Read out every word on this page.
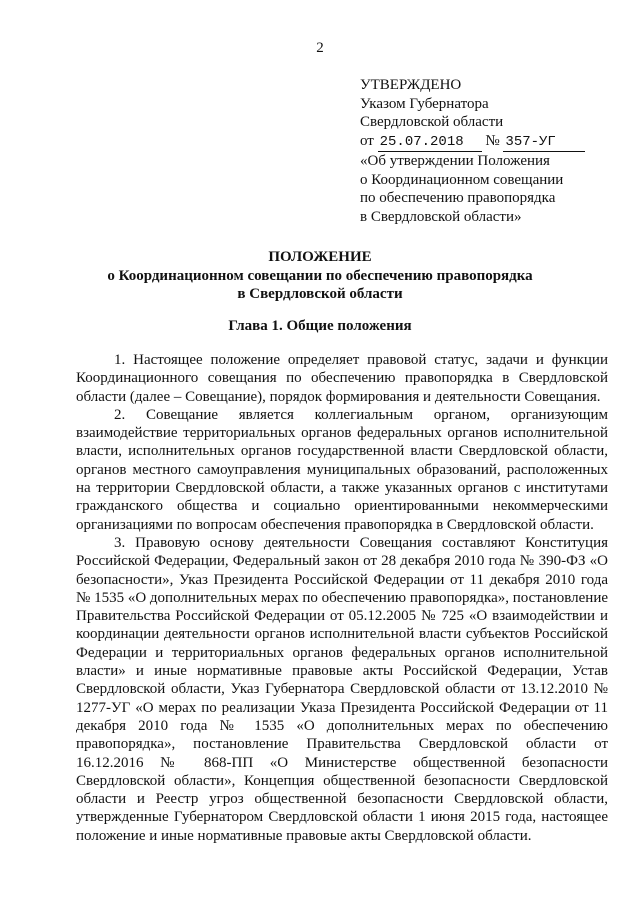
2
УТВЕРЖДЕНО
Указом Губернатора
Свердловской области
от 25.07.2018 № 357-УГ
«Об утверждении Положения
о Координационном совещании
по обеспечению правопорядка
в Свердловской области»
ПОЛОЖЕНИЕ
о Координационном совещании по обеспечению правопорядка
в Свердловской области
Глава 1. Общие положения

1. Настоящее положение определяет правовой статус, задачи и функции Координационного совещания по обеспечению правопорядка в Свердловской области (далее – Совещание), порядок формирования и деятельности Совещания.

2. Совещание является коллегиальным органом, организующим взаимодействие территориальных органов федеральных органов исполнительной власти, исполнительных органов государственной власти Свердловской области, органов местного самоуправления муниципальных образований, расположенных на территории Свердловской области, а также указанных органов с институтами гражданского общества и социально ориентированными некоммерческими организациями по вопросам обеспечения правопорядка в Свердловской области.

3. Правовую основу деятельности Совещания составляют Конституция Российской Федерации, Федеральный закон от 28 декабря 2010 года № 390-ФЗ «О безопасности», Указ Президента Российской Федерации от 11 декабря 2010 года № 1535 «О дополнительных мерах по обеспечению правопорядка», постановление Правительства Российской Федерации от 05.12.2005 № 725 «О взаимодействии и координации деятельности органов исполнительной власти субъектов Российской Федерации и территориальных органов федеральных органов исполнительной власти» и иные нормативные правовые акты Российской Федерации, Устав Свердловской области, Указ Губернатора Свердловской области от 13.12.2010 № 1277-УГ «О мерах по реализации Указа Президента Российской Федерации от 11 декабря 2010 года № 1535 «О дополнительных мерах по обеспечению правопорядка», постановление Правительства Свердловской области от 16.12.2016 № 868-ПП «О Министерстве общественной безопасности Свердловской области», Концепция общественной безопасности Свердловской области и Реестр угроз общественной безопасности Свердловской области, утвержденные Губернатором Свердловской области 1 июня 2015 года, настоящее положение и иные нормативные правовые акты Свердловской области.
